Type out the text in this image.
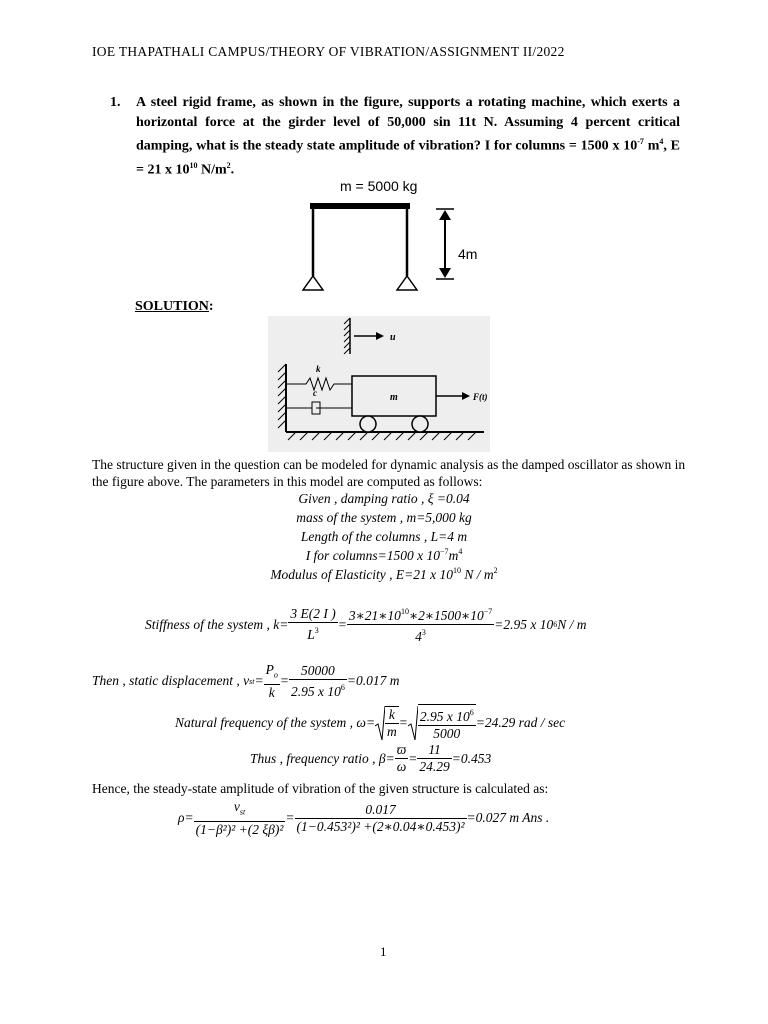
IOE THAPATHALI CAMPUS/THEORY OF VIBRATION/ASSIGNMENT II/2022
1. A steel rigid frame, as shown in the figure, supports a rotating machine, which exerts a horizontal force at the girder level of 50,000 sin 11t N. Assuming 4 percent critical damping, what is the steady state amplitude of vibration? I for columns = 1500 x $10^{-7}$ $m^4$, E = 21 x $10^{10}$ $N/m^2$.
m = 5000 kg
4m
SOLUTION:
u
k
c	m	F(t)
The structure given in the question can be modeled for dynamic analysis as the damped oscillator as shown in the figure above. The parameters in this model are computed as follows:
Given , damping ratio , ξ =0.04
mass of the system , m=5,000 kg
Length of the columns , L=4 m
I for columns=1500 x $10^{-7}m^4$
Modulus of Elasticity , E=21 x $10^{10}$ N / $m^2$
Stiffness of the system , $k= \frac{3 E(2 I )}{L^3} = \frac{3∗21∗10^{10}∗2∗1500∗10^{-7}}{4^3} =2.95$ x 10 6 N / m
Then , static displacement , v st = $\frac{P_o}{k} = \frac{50000}{2.95 x 10^6} =0.017$ m
Natural frequency of the system , $\omega= \frac{k}{m} = \frac{2.95 x 10^6}{5000} =24.29$ rad / sec
Thus , frequency ratio , $\beta= \frac{ϖ}{\omega} = \frac{11}{24.29} =0.453$
Hence, the steady-state amplitude of vibration of the given structure is calculated as:
$\rho= \frac{v_{st}}{\text{(1−β²)² +(2 ξβ)²}} = \frac{0.017}{\text{(1−0.453²)² +(2∗0.04∗0.453)²}} =0.027$ m Ans .
1
